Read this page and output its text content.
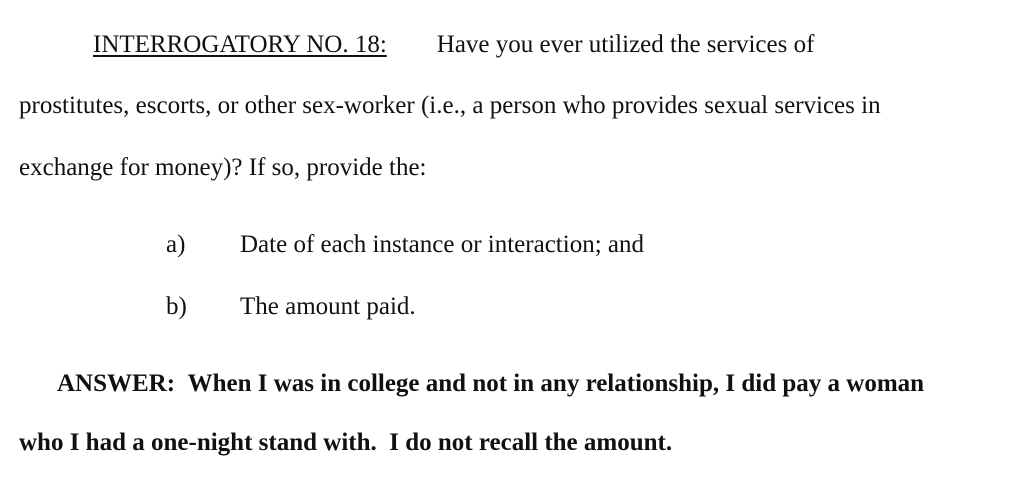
INTERROGATORY NO. 18: Have you ever utilized the services of
prostitutes, escorts, or other sex-worker (i.e., a person who provides sexual services in
exchange for money)? If so, provide the:
a) Date of each instance or interaction; and
b) The amount paid.
ANSWER: When I was in college and not in any relationship, I did pay a woman
who I had a one-night stand with.  I do not recall the amount.
